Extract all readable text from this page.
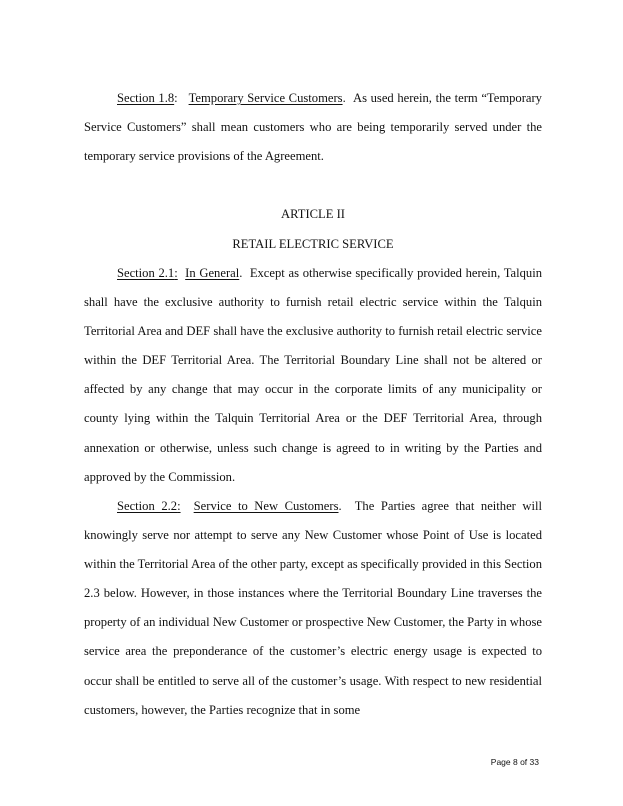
Section 1.8:   Temporary Service Customers.  As used herein, the term “Temporary Service Customers” shall mean customers who are being temporarily served under the temporary service provisions of the Agreement.

ARTICLE II

RETAIL ELECTRIC SERVICE

Section 2.1: In General.  Except as otherwise specifically provided herein, Talquin shall have the exclusive authority to furnish retail electric service within the Talquin Territorial Area and DEF shall have the exclusive authority to furnish retail electric service within the DEF Territorial Area. The Territorial Boundary Line shall not be altered or affected by any change that may occur in the corporate limits of any municipality or county lying within the Talquin Territorial Area or the DEF Territorial Area, through annexation or otherwise, unless such change is agreed to in writing by the Parties and approved by the Commission.

Section 2.2: Service to New Customers.  The Parties agree that neither will knowingly serve nor attempt to serve any New Customer whose Point of Use is located within the Territorial Area of the other party, except as specifically provided in this Section 2.3 below. However, in those instances where the Territorial Boundary Line traverses the property of an individual New Customer or prospective New Customer, the Party in whose service area the preponderance of the customer’s electric energy usage is expected to occur shall be entitled to serve all of the customer’s usage. With respect to new residential customers, however, the Parties recognize that in some

Page 8 of 33
